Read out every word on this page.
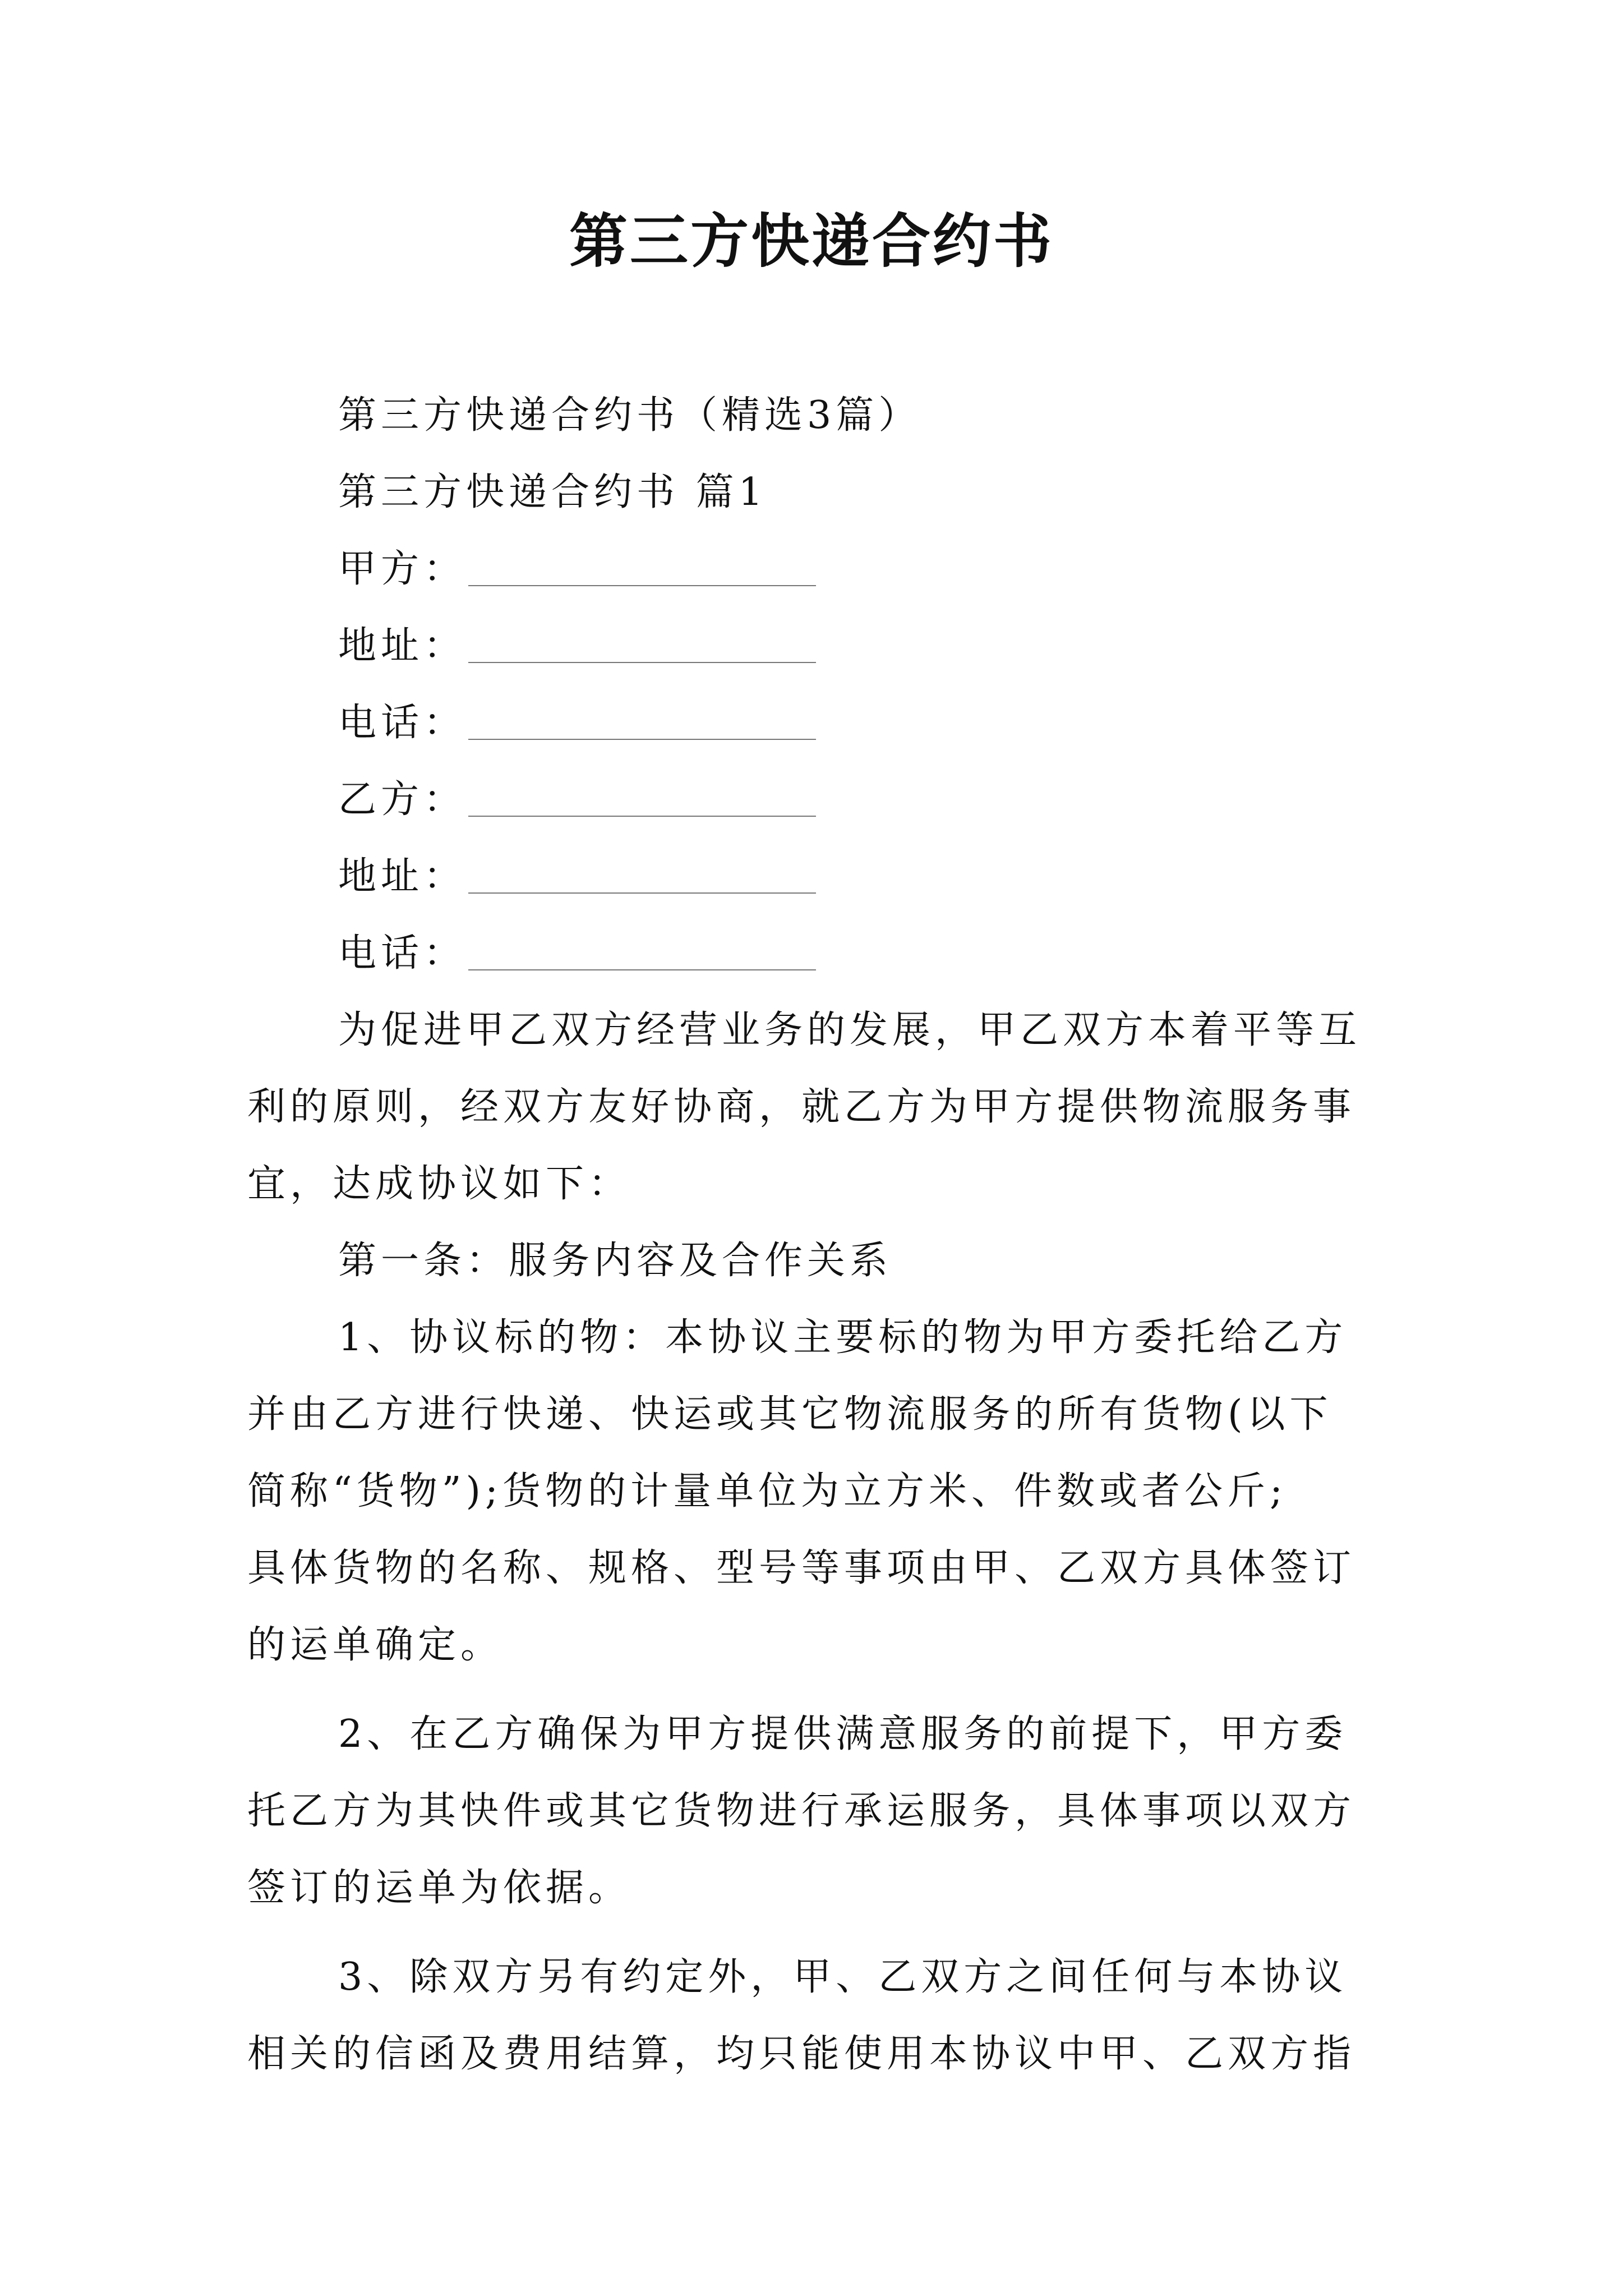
第三方快递合约书
第三方快递合约书（精选3篇）
第三方快递合约书 篇1
甲方：
地址：
电话：
乙方：
地址：
电话：
为促进甲乙双方经营业务的发展，甲乙双方本着平等互
利的原则，经双方友好协商，就乙方为甲方提供物流服务事
宜，达成协议如下：
第一条：服务内容及合作关系
1、协议标的物：本协议主要标的物为甲方委托给乙方
并由乙方进行快递、快运或其它物流服务的所有货物(以下
简称“货物”);货物的计量单位为立方米、件数或者公斤;
具体货物的名称、规格、型号等事项由甲、乙双方具体签订
的运单确定。
2、在乙方确保为甲方提供满意服务的前提下，甲方委
托乙方为其快件或其它货物进行承运服务，具体事项以双方
签订的运单为依据。
3、除双方另有约定外，甲、乙双方之间任何与本协议
相关的信函及费用结算，均只能使用本协议中甲、乙双方指
